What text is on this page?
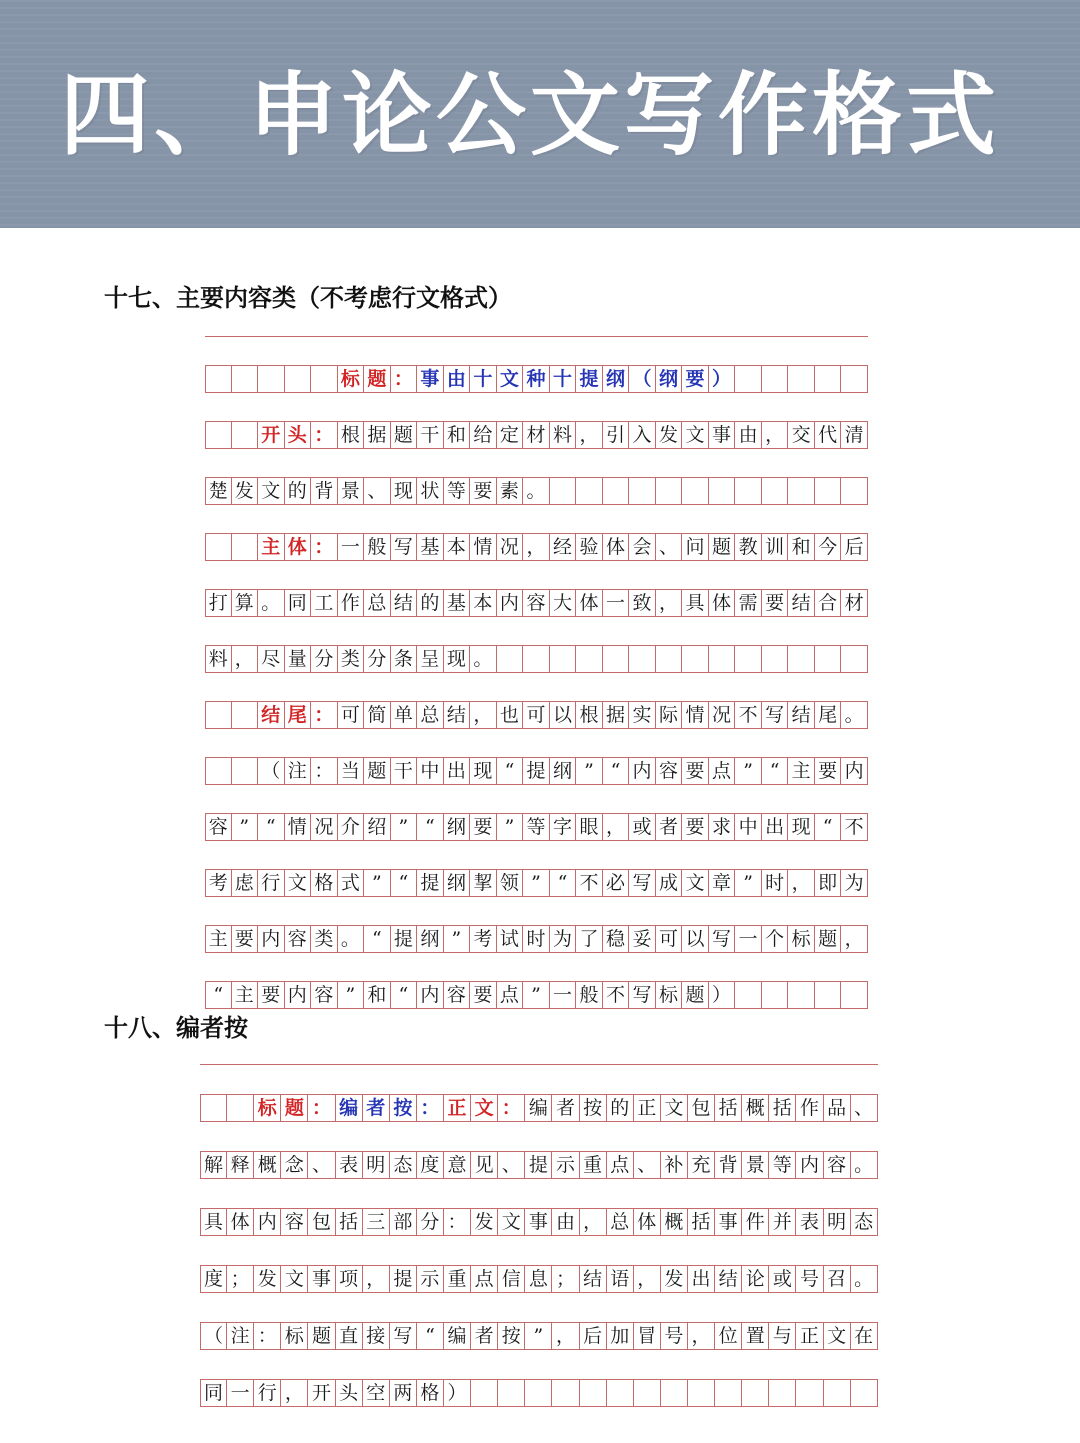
四、申论公文写作格式
十七、主要内容类（不考虑行文格式）
标 题 ： 事 由 十 文 种 十 提 纲 （ 纲 要 ）
开 头 ： 根 据 题 干 和 给 定 材 料 ， 引 入 发 文 事 由 ， 交 代 清
楚 发 文 的 背 景 、 现 状 等 要 素 。
主 体 ： 一 般 写 基 本 情 况 ， 经 验 体 会 、 问 题 教 训 和 今 后
打 算 。 同 工 作 总 结 的 基 本 内 容 大 体 一 致 ， 具 体 需 要 结 合 材
料 ， 尽 量 分 类 分 条 呈 现 。
结 尾 ： 可 简 单 总 结 ， 也 可 以 根 据 实 际 情 况 不 写 结 尾 。
（ 注 ： 当 题 干 中 出 现 “ 提 纲 ” “ 内 容 要 点 ” “ 主 要 内
容 ” “ 情 况 介 绍 ” “ 纲 要 ” 等 字 眼 ， 或 者 要 求 中 出 现 “ 不
考 虑 行 文 格 式 ” “ 提 纲 挈 领 ” “ 不 必 写 成 文 章 ” 时 ， 即 为
主 要 内 容 类 。 “ 提 纲 ” 考 试 时 为 了 稳 妥 可 以 写 一 个 标 题 ，
“ 主 要 内 容 ” 和 “ 内 容 要 点 ” 一 般 不 写 标 题 ）
十八、编者按
标 题 ： 编 者 按 ： 正 文 ： 编 者 按 的 正 文 包 括 概 括 作 品 、
解 释 概 念 、 表 明 态 度 意 见 、 提 示 重 点 、 补 充 背 景 等 内 容 。
具 体 内 容 包 括 三 部 分 ： 发 文 事 由 ， 总 体 概 括 事 件 并 表 明 态
度 ； 发 文 事 项 ， 提 示 重 点 信 息 ； 结 语 ， 发 出 结 论 或 号 召 。
（ 注 ： 标 题 直 接 写 “ 编 者 按 ” ， 后 加 冒 号 ， 位 置 与 正 文 在
同 一 行 ， 开 头 空 两 格 ）
